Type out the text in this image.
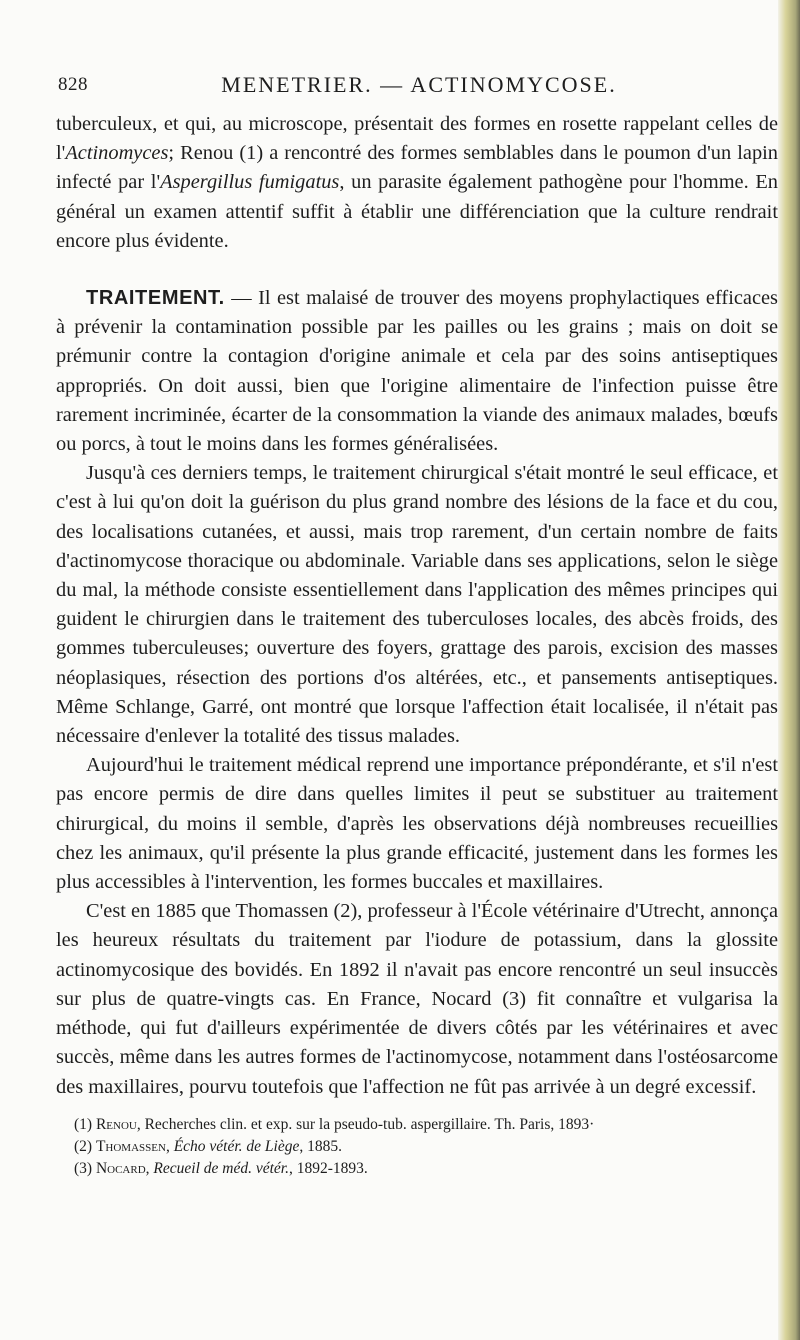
828	MENETRIER. — ACTINOMYCOSE.

tuberculeux, et qui, au microscope, présentait des formes en rosette rappelant celles de l'Actinomyces; Renou (1) a rencontré des formes semblables dans le poumon d'un lapin infecté par l'Aspergillus fumigatus, un parasite également pathogène pour l'homme. En général un examen attentif suffit à établir une différenciation que la culture rendrait encore plus évidente.

TRAITEMENT. — Il est malaisé de trouver des moyens prophylactiques efficaces à prévenir la contamination possible par les pailles ou les grains ; mais on doit se prémunir contre la contagion d'origine animale et cela par des soins antiseptiques appropriés. On doit aussi, bien que l'origine alimentaire de l'infection puisse être rarement incriminée, écarter de la consommation la viande des animaux malades, bœufs ou porcs, à tout le moins dans les formes généralisées.

Jusqu'à ces derniers temps, le traitement chirurgical s'était montré le seul efficace, et c'est à lui qu'on doit la guérison du plus grand nombre des lésions de la face et du cou, des localisations cutanées, et aussi, mais trop rarement, d'un certain nombre de faits d'actinomycose thoracique ou abdominale. Variable dans ses applications, selon le siège du mal, la méthode consiste essentiellement dans l'application des mêmes principes qui guident le chirurgien dans le traitement des tuberculoses locales, des abcès froids, des gommes tuberculeuses; ouverture des foyers, grattage des parois, excision des masses néoplasiques, résection des portions d'os altérées, etc., et pansements antiseptiques. Même Schlange, Garré, ont montré que lorsque l'affection était localisée, il n'était pas nécessaire d'enlever la totalité des tissus malades.

Aujourd'hui le traitement médical reprend une importance prépondérante, et s'il n'est pas encore permis de dire dans quelles limites il peut se substituer au traitement chirurgical, du moins il semble, d'après les observations déjà nombreuses recueillies chez les animaux, qu'il présente la plus grande efficacité, justement dans les formes les plus accessibles à l'intervention, les formes buccales et maxillaires.

C'est en 1885 que Thomassen (2), professeur à l'École vétérinaire d'Utrecht, annonça les heureux résultats du traitement par l'iodure de potassium, dans la glossite actinomycosique des bovidés. En 1892 il n'avait pas encore rencontré un seul insuccès sur plus de quatre-vingts cas. En France, Nocard (3) fit connaître et vulgarisa la méthode, qui fut d'ailleurs expérimentée de divers côtés par les vétérinaires et avec succès, même dans les autres formes de l'actinomycose, notamment dans l'ostéosarcome des maxillaires, pourvu toutefois que l'affection ne fût pas arrivée à un degré excessif.

(1) Renou, Recherches clin. et exp. sur la pseudo-tub. aspergillaire. Th. Paris, 1893·

(2) Thomassen, Écho vétér. de Liège, 1885.

(3) Nocard, Recueil de méd. vétér., 1892-1893.
